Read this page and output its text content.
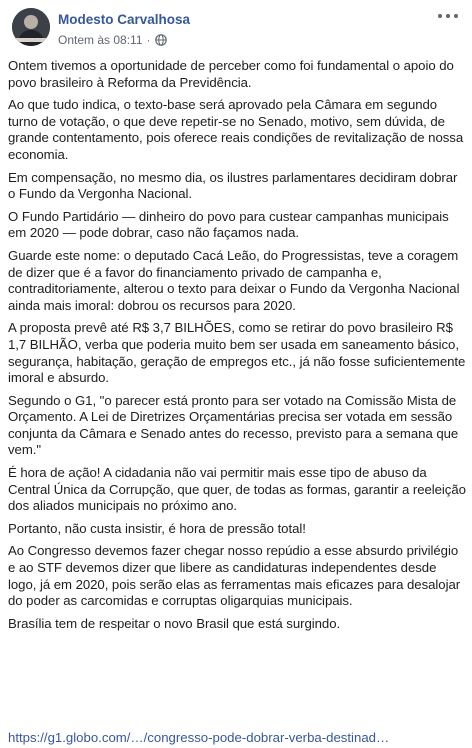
Modesto Carvalhosa
Ontem às 08:11 ·

Ontem tivemos a oportunidade de perceber como foi fundamental o apoio do povo brasileiro à Reforma da Previdência.

Ao que tudo indica, o texto-base será aprovado pela Câmara em segundo turno de votação, o que deve repetir-se no Senado, motivo, sem dúvida, de grande contentamento, pois oferece reais condições de revitalização de nossa economia.

Em compensação, no mesmo dia, os ilustres parlamentares decidiram dobrar o Fundo da Vergonha Nacional.

O Fundo Partidário — dinheiro do povo para custear campanhas municipais em 2020 — pode dobrar, caso não façamos nada.

Guarde este nome: o deputado Cacá Leão, do Progressistas, teve a coragem de dizer que é a favor do financiamento privado de campanha e, contraditoriamente, alterou o texto para deixar o Fundo da Vergonha Nacional ainda mais imoral: dobrou os recursos para 2020.

A proposta prevê até R$ 3,7 BILHÕES, como se retirar do povo brasileiro R$ 1,7 BILHÃO, verba que poderia muito bem ser usada em saneamento básico, segurança, habitação, geração de empregos etc., já não fosse suficientemente imoral e absurdo.

Segundo o G1, "o parecer está pronto para ser votado na Comissão Mista de Orçamento. A Lei de Diretrizes Orçamentárias precisa ser votada em sessão conjunta da Câmara e Senado antes do recesso, previsto para a semana que vem."

É hora de ação! A cidadania não vai permitir mais esse tipo de abuso da Central Única da Corrupção, que quer, de todas as formas, garantir a reeleição dos aliados municipais no próximo ano.

Portanto, não custa insistir, é hora de pressão total!

Ao Congresso devemos fazer chegar nosso repúdio a esse absurdo privilégio e ao STF devemos dizer que libere as candidaturas independentes desde logo, já em 2020, pois serão elas as ferramentas mais eficazes para desalojar do poder as carcomidas e corruptas oligarquias municipais.

Brasília tem de respeitar o novo Brasil que está surgindo.

https://g1.globo.com/…/congresso-pode-dobrar-verba-destinad…
